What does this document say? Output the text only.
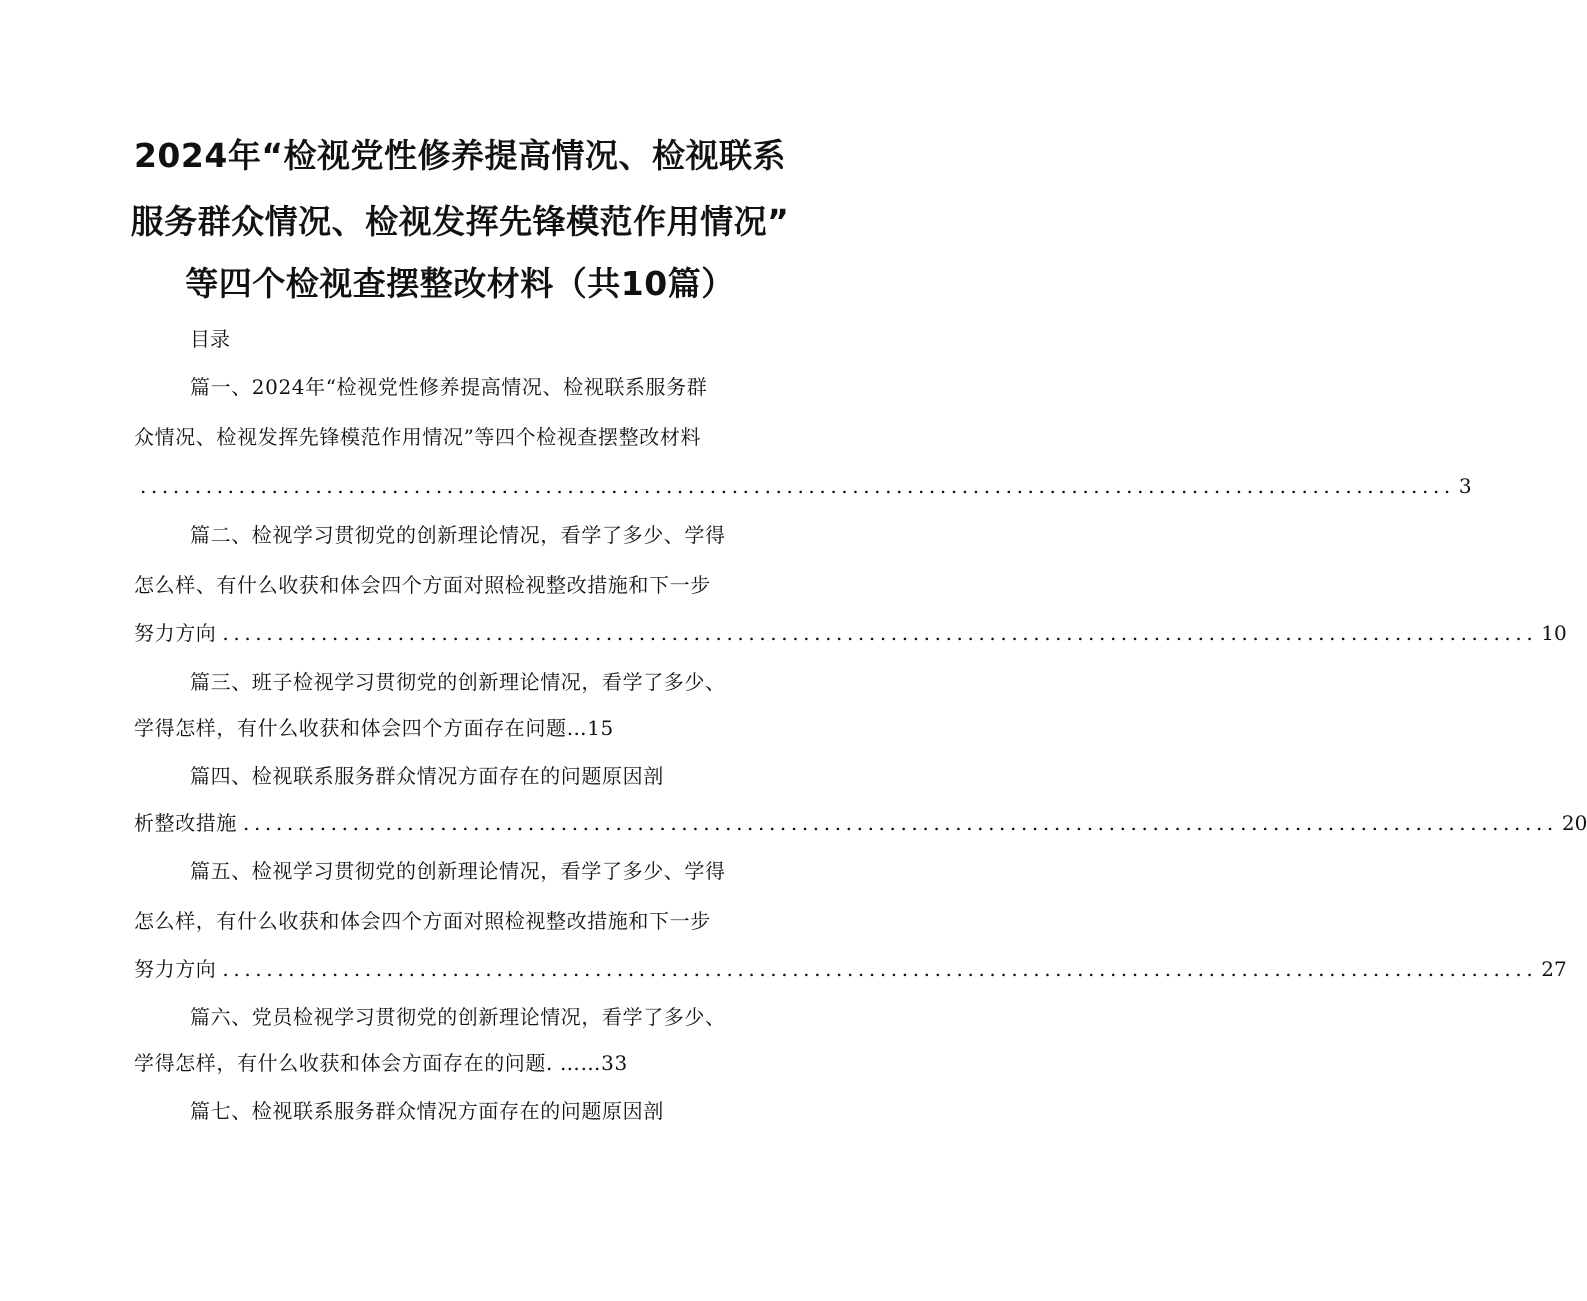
2024年“检视党性修养提高情况、检视联系
服务群众情况、检视发挥先锋模范作用情况”
等四个检视查摆整改材料（共10篇）
目录
篇一、2024年“检视党性修养提高情况、检视联系服务群
众情况、检视发挥先锋模范作用情况”等四个检视查摆整改材料
........................................................................................................................ 3
篇二、检视学习贯彻党的创新理论情况，看学了多少、学得
怎么样、有什么收获和体会四个方面对照检视整改措施和下一步
努力方向 ........................................................................................................................ 10
篇三、班子检视学习贯彻党的创新理论情况，看学了多少、
学得怎样，有什么收获和体会四个方面存在问题…15
篇四、检视联系服务群众情况方面存在的问题原因剖
析整改措施 ........................................................................................................................ 20
篇五、检视学习贯彻党的创新理论情况，看学了多少、学得
怎么样，有什么收获和体会四个方面对照检视整改措施和下一步
努力方向 ........................................................................................................................ 27
篇六、党员检视学习贯彻党的创新理论情况，看学了多少、
学得怎样，有什么收获和体会方面存在的问题. ……33
篇七、检视联系服务群众情况方面存在的问题原因剖
